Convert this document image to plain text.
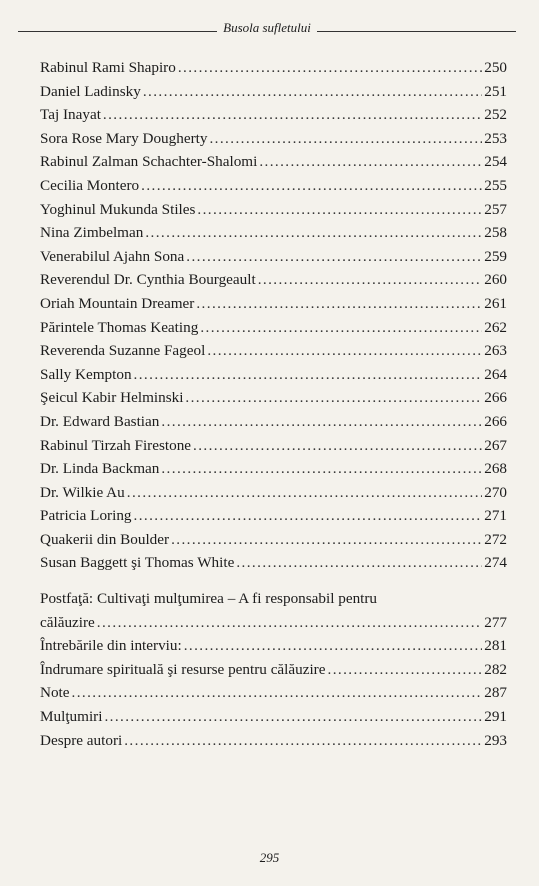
Busola sufletului
Rabinul Rami Shapiro . . .	250
Daniel Ladinsky . . .	251
Taj Inayat . . .	252
Sora Rose Mary Dougherty . . .	253
Rabinul Zalman Schachter-Shalomi . . .	254
Cecilia Montero . . .	255
Yoghinul Mukunda Stiles . . .	257
Nina Zimbelman . . .	258
Venerabilul Ajahn Sona . . .	259
Reverendul Dr. Cynthia Bourgeault . . .	260
Oriah Mountain Dreamer . . .	261
Părintele Thomas Keating . . .	262
Reverenda Suzanne Fageol . . .	263
Sally Kempton . . .	264
Şeicul Kabir Helminski . . .	266
Dr. Edward Bastian . . .	266
Rabinul Tirzah Firestone . . .	267
Dr. Linda Backman . . .	268
Dr. Wilkie Au . . .	270
Patricia Loring . . .	271
Quakerii din Boulder . . .	272
Susan Baggett şi Thomas White . . .	274
Postfaţă: Cultivaţi mulţumirea – A fi responsabil pentru
călăuzire . . .	277
Întrebările din interviu: . . .	281
Îndrumare spirituală şi resurse pentru călăuzire . . .	282
Note . . .	287
Mulţumiri . . .	291
Despre autori . . .	293
295
